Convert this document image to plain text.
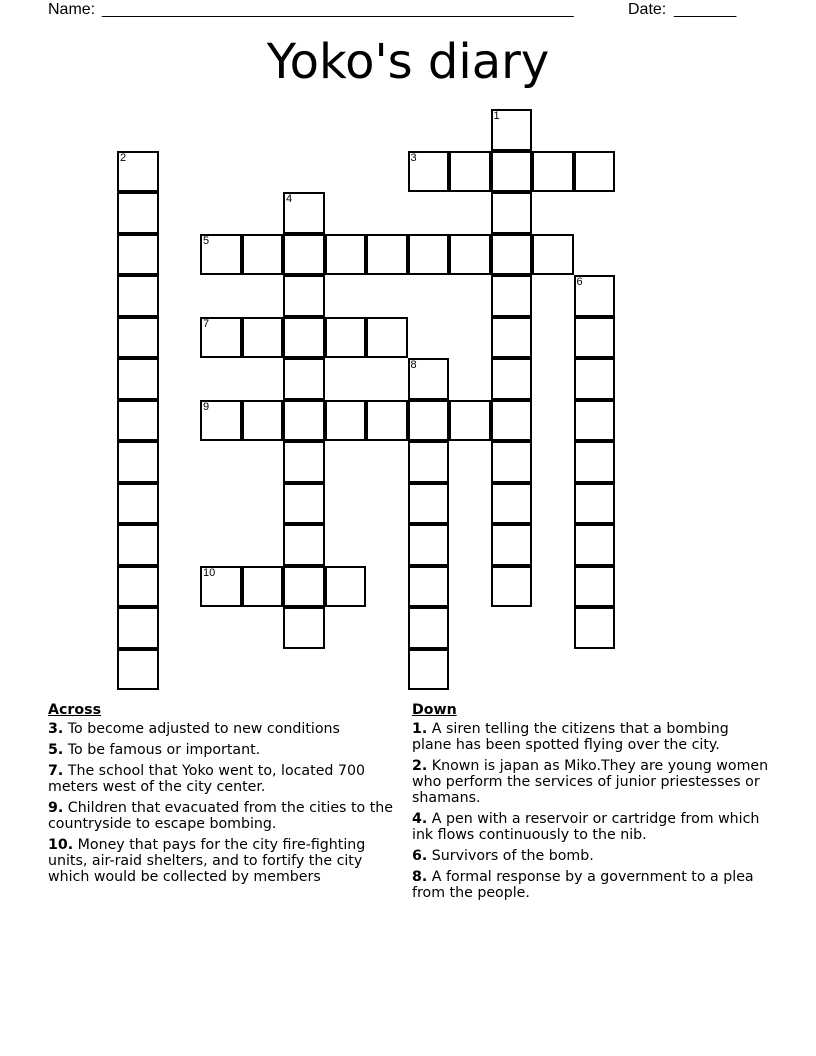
Name: _____________________________________________________	Date: _______
Yoko's diary
1
2	3
4
5
6
7
8
9
10
Across
3. To become adjusted to new conditions
5. To be famous or important.
7. The school that Yoko went to, located 700 meters west of the city center.
9. Children that evacuated from the cities to the countryside to escape bombing.
10. Money that pays for the city fire-fighting units, air-raid shelters, and to fortify the city which would be collected by members
Down
1. A siren telling the citizens that a bombing plane has been spotted flying over the city.
2. Known is japan as Miko.They are young women who perform the services of junior priestesses or shamans.
4. A pen with a reservoir or cartridge from which ink flows continuously to the nib.
6. Survivors of the bomb.
8. A formal response by a government to a plea from the people.
